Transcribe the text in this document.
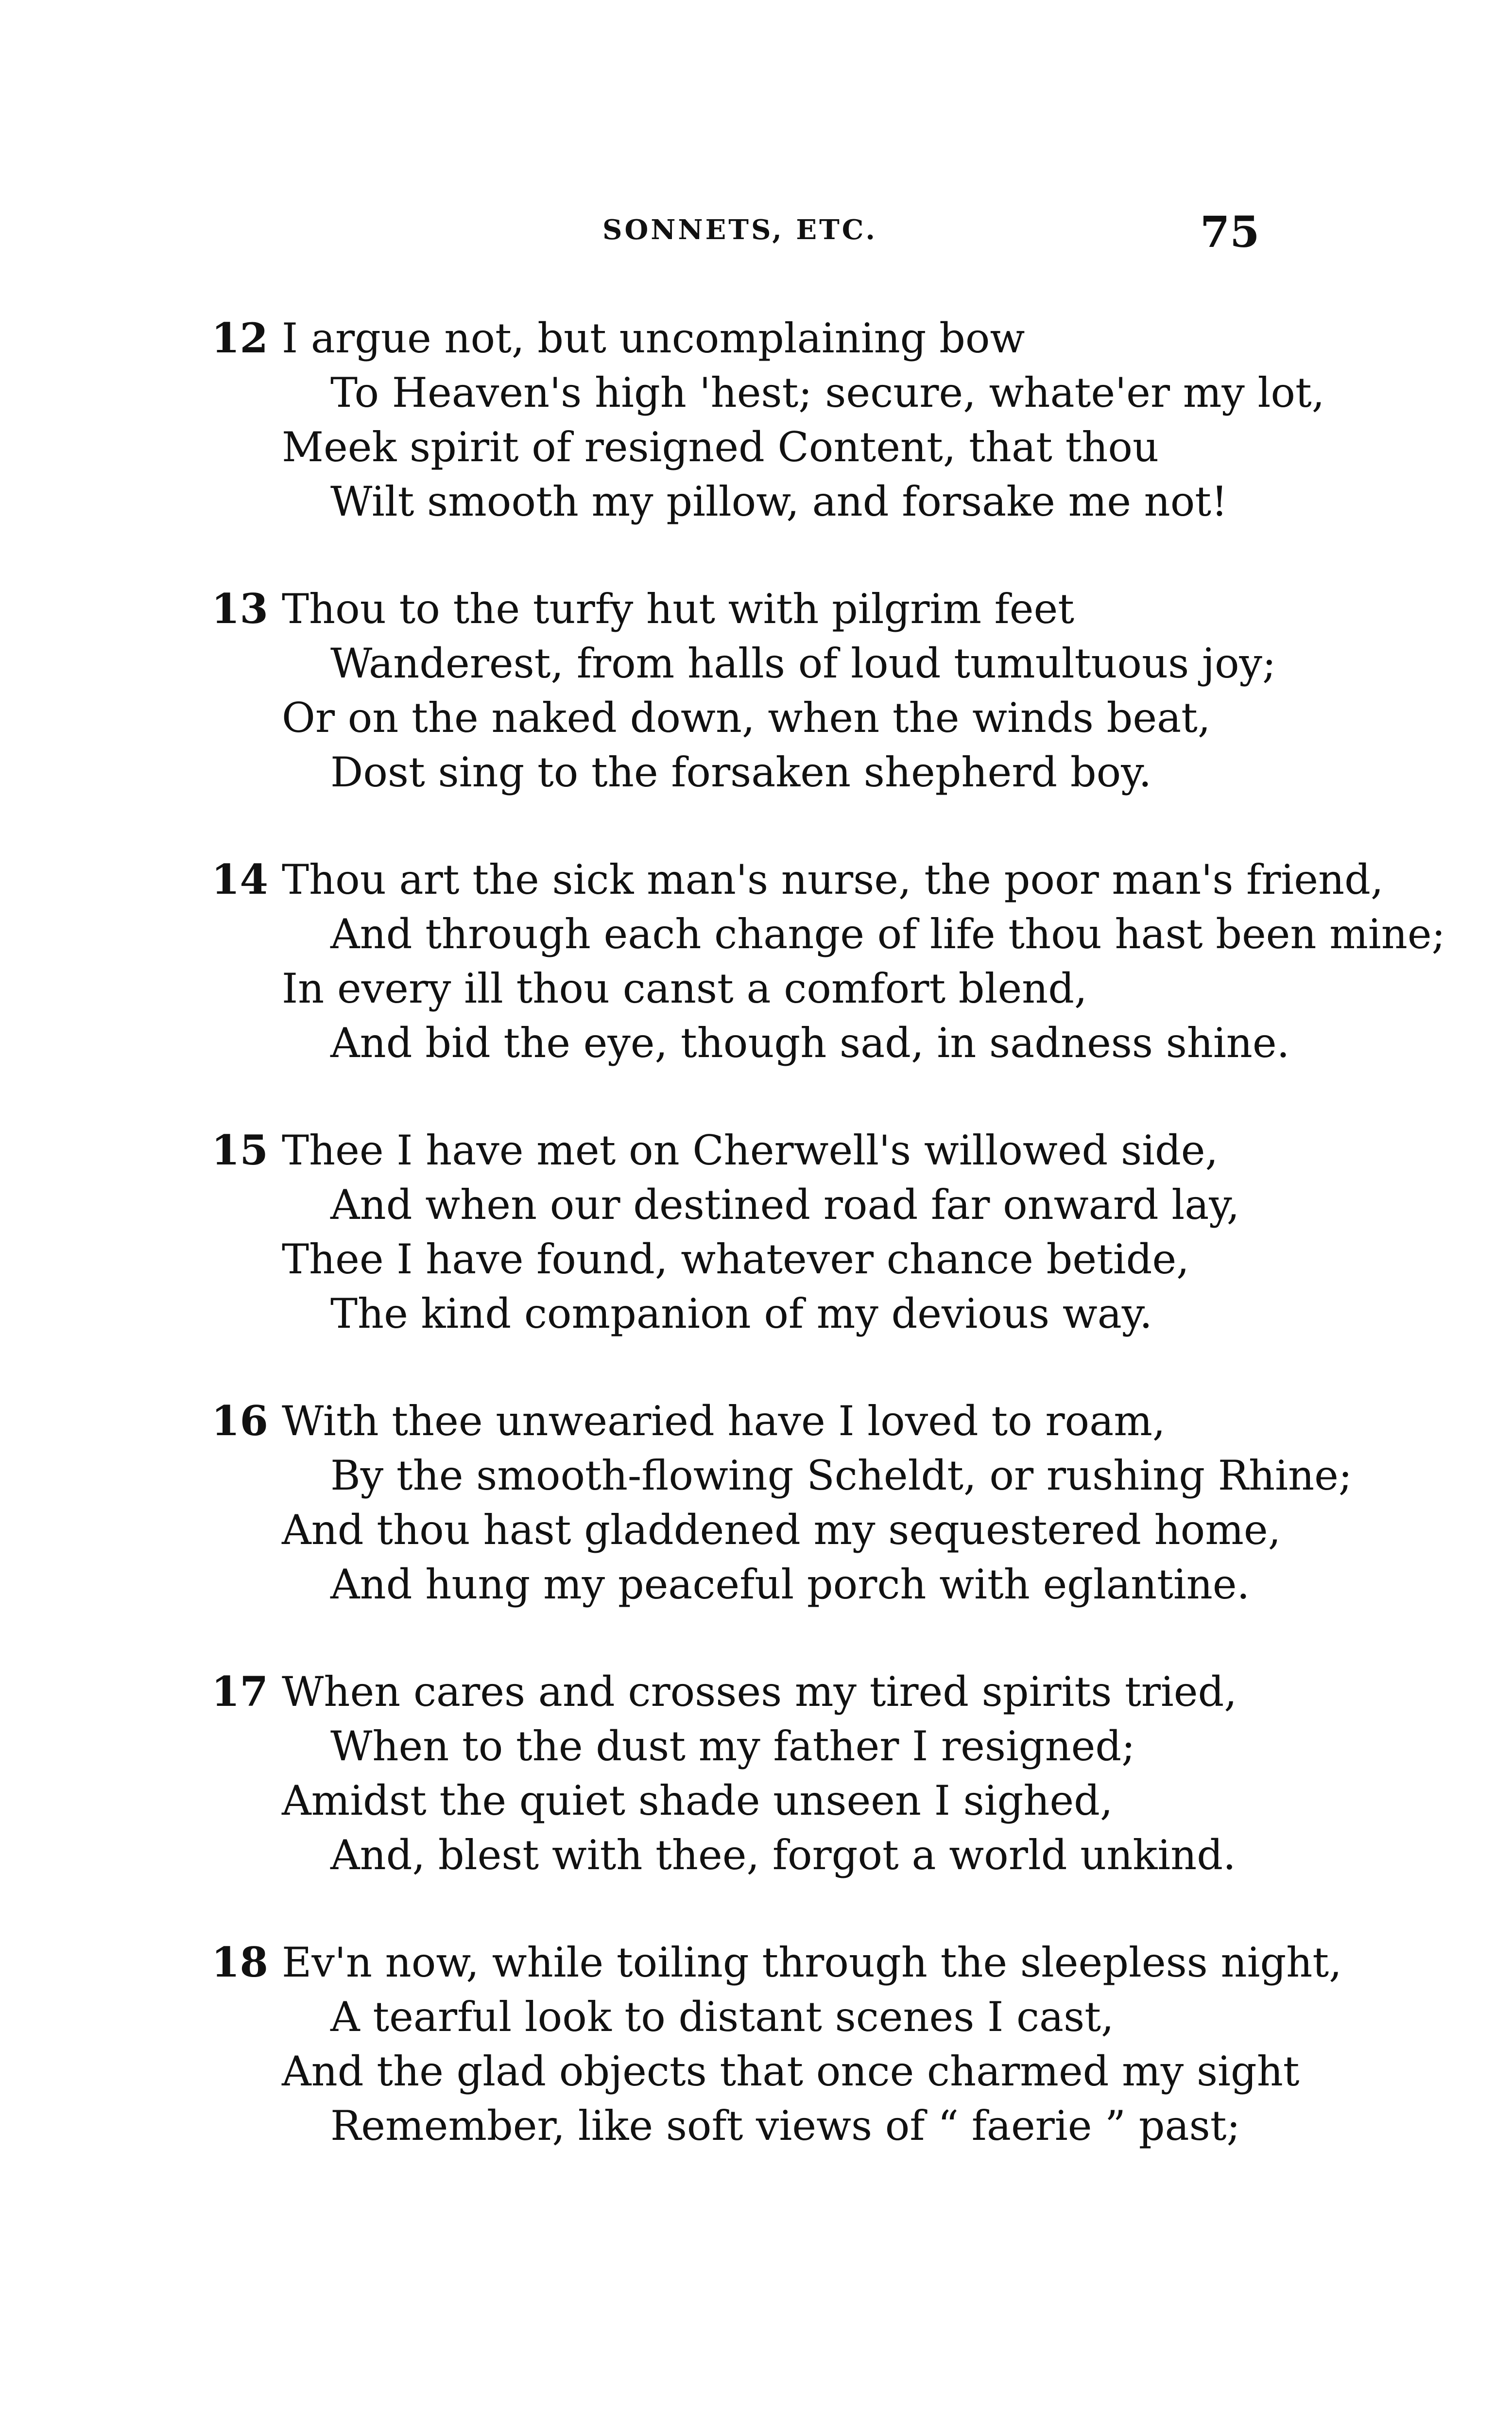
SONNETS, ETC.	75
12 I argue not, but uncomplaining bow
To Heaven's high 'hest; secure, whate'er my lot,
Meek spirit of resigned Content, that thou
Wilt smooth my pillow, and forsake me not!
13 Thou to the turfy hut with pilgrim feet
Wanderest, from halls of loud tumultuous joy;
Or on the naked down, when the winds beat,
Dost sing to the forsaken shepherd boy.
14 Thou art the sick man's nurse, the poor man's friend,
And through each change of life thou hast been mine;
In every ill thou canst a comfort blend,
And bid the eye, though sad, in sadness shine.
15 Thee I have met on Cherwell's willowed side,
And when our destined road far onward lay,
Thee I have found, whatever chance betide,
The kind companion of my devious way.
16 With thee unwearied have I loved to roam,
By the smooth-flowing Scheldt, or rushing Rhine;
And thou hast gladdened my sequestered home,
And hung my peaceful porch with eglantine.
17 When cares and crosses my tired spirits tried,
When to the dust my father I resigned;
Amidst the quiet shade unseen I sighed,
And, blest with thee, forgot a world unkind.
18 Ev'n now, while toiling through the sleepless night,
A tearful look to distant scenes I cast,
And the glad objects that once charmed my sight
Remember, like soft views of “ faerie ” past;
